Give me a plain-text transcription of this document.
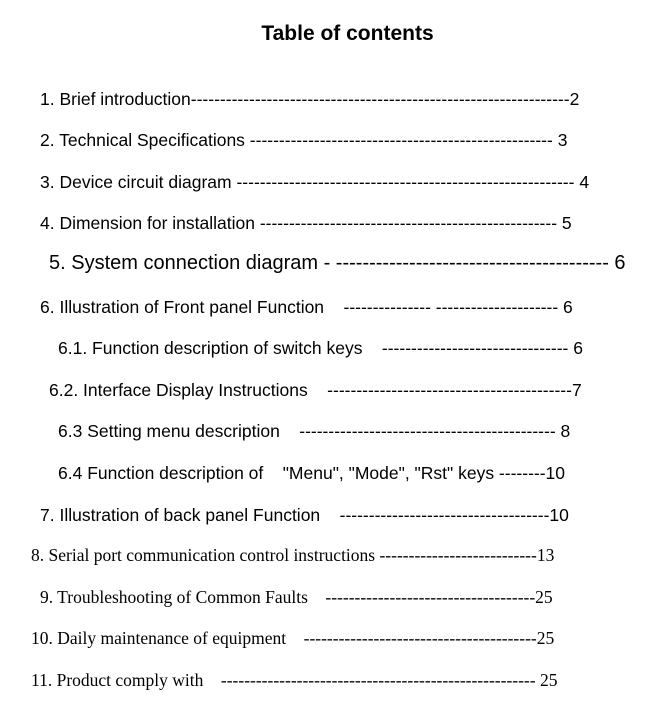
Table of contents

1. Brief introduction-----------------------------------------------------------------2

2. Technical Specifications ---------------------------------------------------- 3

3. Device circuit diagram ---------------------------------------------------------- 4

4. Dimension for installation --------------------------------------------------- 5

5. System connection diagram - ----------------------------------------- 6

6. Illustration of Front panel Function    --------------- --------------------- 6

6.1. Function description of switch keys    -------------------------------- 6

6.2. Interface Display Instructions    ------------------------------------------7

6.3 Setting menu description    -------------------------------------------- 8

6.4 Function description of    "Menu", "Mode", "Rst" keys --------10

7. Illustration of back panel Function    ------------------------------------10

8. Serial port communication control instructions ---------------------------13

9. Troubleshooting of Common Faults    ------------------------------------25

10. Daily maintenance of equipment    ----------------------------------------25

11. Product comply with    ------------------------------------------------------ 25
